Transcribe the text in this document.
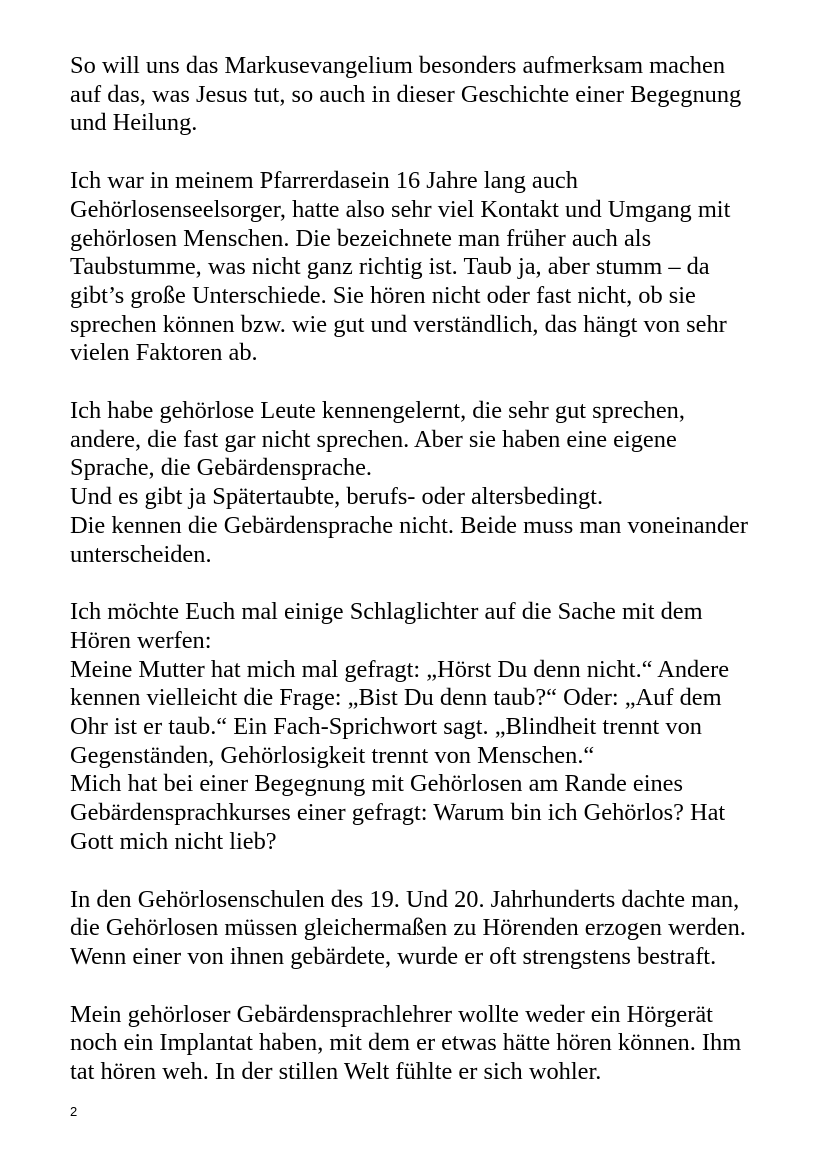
So will uns das Markusevangelium besonders aufmerksam machen
auf das, was Jesus tut, so auch in dieser Geschichte einer Begegnung
und Heilung.
Ich war in meinem Pfarrerdasein 16 Jahre lang auch
Gehörlosenseelsorger, hatte also sehr viel Kontakt und Umgang mit
gehörlosen Menschen. Die bezeichnete man früher auch als
Taubstumme, was nicht ganz richtig ist. Taub ja, aber stumm – da
gibt’s große Unterschiede. Sie hören nicht oder fast nicht, ob sie
sprechen können bzw. wie gut und verständlich, das hängt von sehr
vielen Faktoren ab.
Ich habe gehörlose Leute kennengelernt, die sehr gut sprechen,
andere, die fast gar nicht sprechen. Aber sie haben eine eigene
Sprache, die Gebärdensprache.
Und es gibt ja Spätertaubte, berufs- oder altersbedingt.
Die kennen die Gebärdensprache nicht. Beide muss man voneinander
unterscheiden.
Ich möchte Euch mal einige Schlaglichter auf die Sache mit dem
Hören werfen:
Meine Mutter hat mich mal gefragt: „Hörst Du denn nicht.“ Andere
kennen vielleicht die Frage: „Bist Du denn taub?“ Oder: „Auf dem
Ohr ist er taub.“ Ein Fach-Sprichwort sagt. „Blindheit trennt von
Gegenständen, Gehörlosigkeit trennt von Menschen.“
Mich hat bei einer Begegnung mit Gehörlosen am Rande eines
Gebärdensprachkurses einer gefragt: Warum bin ich Gehörlos? Hat
Gott mich nicht lieb?
In den Gehörlosenschulen des 19. Und 20. Jahrhunderts dachte man,
die Gehörlosen müssen gleichermaßen zu Hörenden erzogen werden.
Wenn einer von ihnen gebärdete, wurde er oft strengstens bestraft.
Mein gehörloser Gebärdensprachlehrer wollte weder ein Hörgerät
noch ein Implantat haben, mit dem er etwas hätte hören können. Ihm
tat hören weh. In der stillen Welt fühlte er sich wohler.
2
